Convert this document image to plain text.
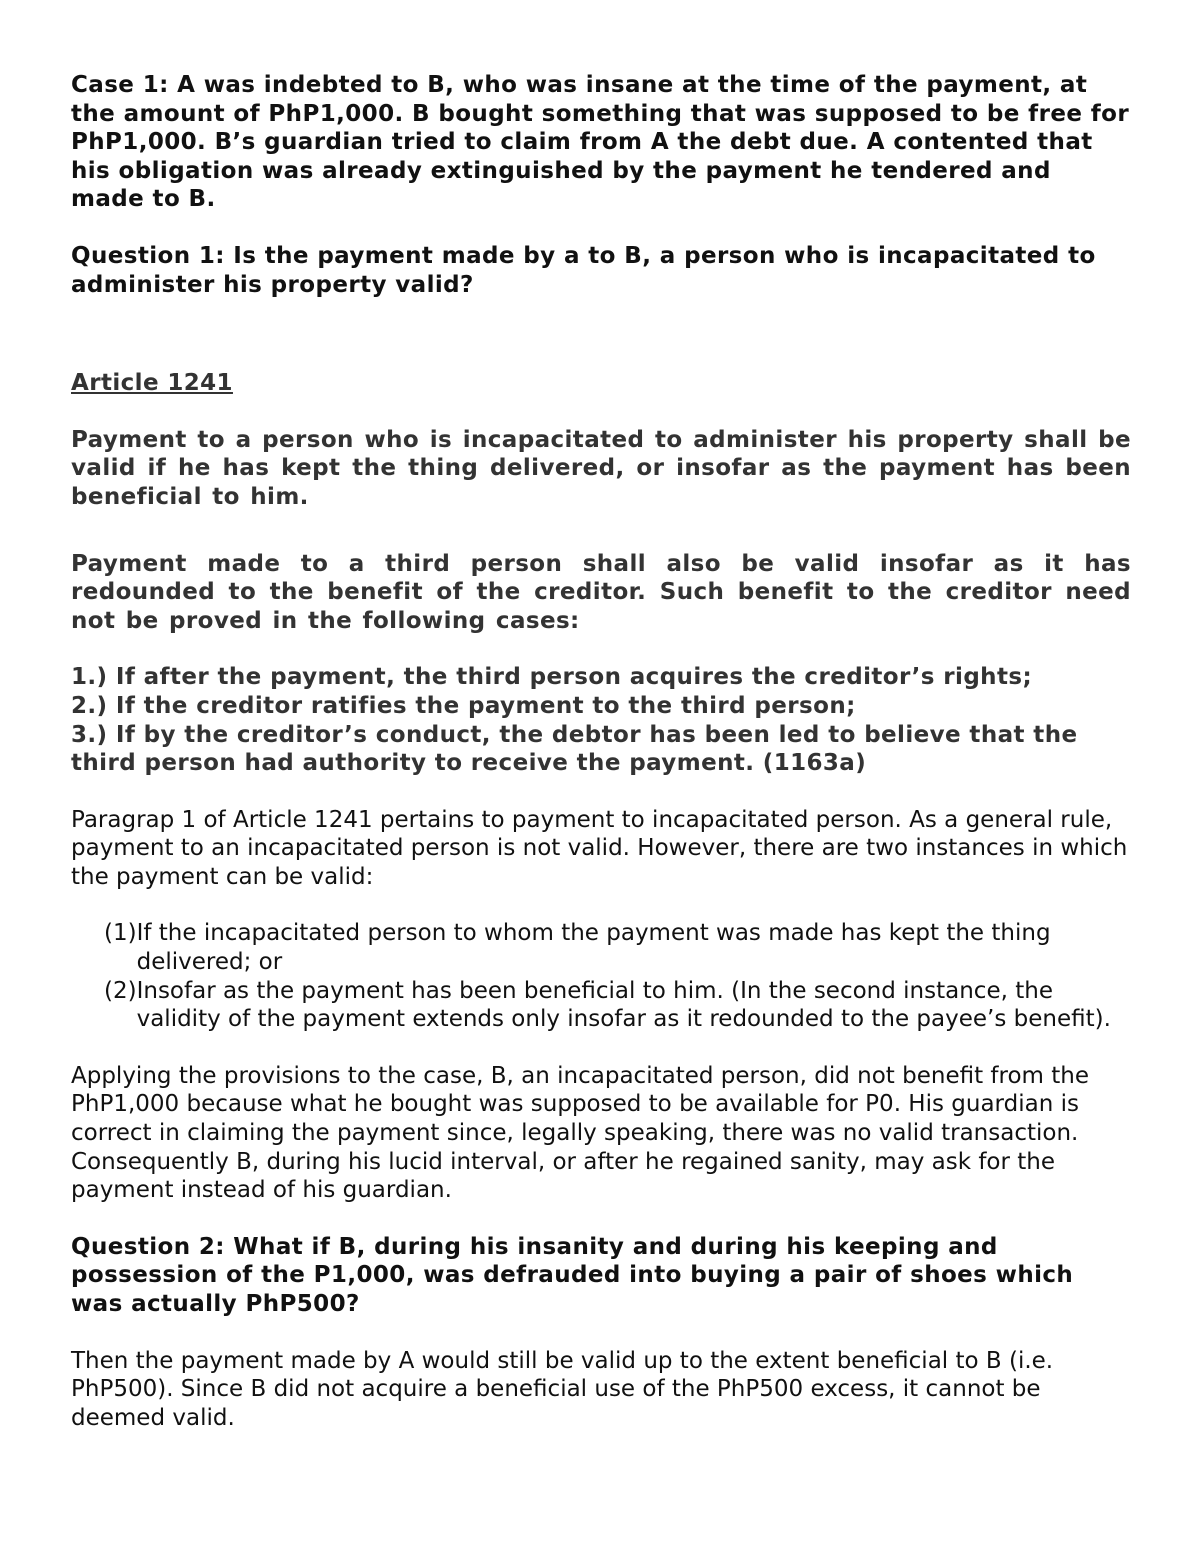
Case 1: A was indebted to B, who was insane at the time of the payment, at the amount of PhP1,000. B bought something that was supposed to be free for PhP1,000. B’s guardian tried to claim from A the debt due. A contented that his obligation was already extinguished by the payment he tendered and made to B.

Question 1: Is the payment made by a to B, a person who is incapacitated to administer his property valid?

Article 1241

Payment to a person who is incapacitated to administer his property shall be valid if he has kept the thing delivered, or insofar as the payment has been beneficial to him.

Payment made to a third person shall also be valid insofar as it has redounded to the benefit of the creditor. Such benefit to the creditor need not be proved in the following cases:

1.) If after the payment, the third person acquires the creditor’s rights;

2.) If the creditor ratifies the payment to the third person;

3.) If by the creditor’s conduct, the debtor has been led to believe that the third person had authority to receive the payment. (1163a)

Paragrap 1 of Article 1241 pertains to payment to incapacitated person. As a general rule, payment to an incapacitated person is not valid. However, there are two instances in which the payment can be valid:

(1) If the incapacitated person to whom the payment was made has kept the thing delivered; or
(2) Insofar as the payment has been beneficial to him. (In the second instance, the validity of the payment extends only insofar as it redounded to the payee’s benefit).

Applying the provisions to the case, B, an incapacitated person, did not benefit from the PhP1,000 because what he bought was supposed to be available for P0. His guardian is correct in claiming the payment since, legally speaking, there was no valid transaction. Consequently B, during his lucid interval, or after he regained sanity, may ask for the payment instead of his guardian.

Question 2: What if B, during his insanity and during his keeping and possession of the P1,000, was defrauded into buying a pair of shoes which was actually PhP500?

Then the payment made by A would still be valid up to the extent beneficial to B (i.e. PhP500). Since B did not acquire a beneficial use of the PhP500 excess, it cannot be deemed valid.
